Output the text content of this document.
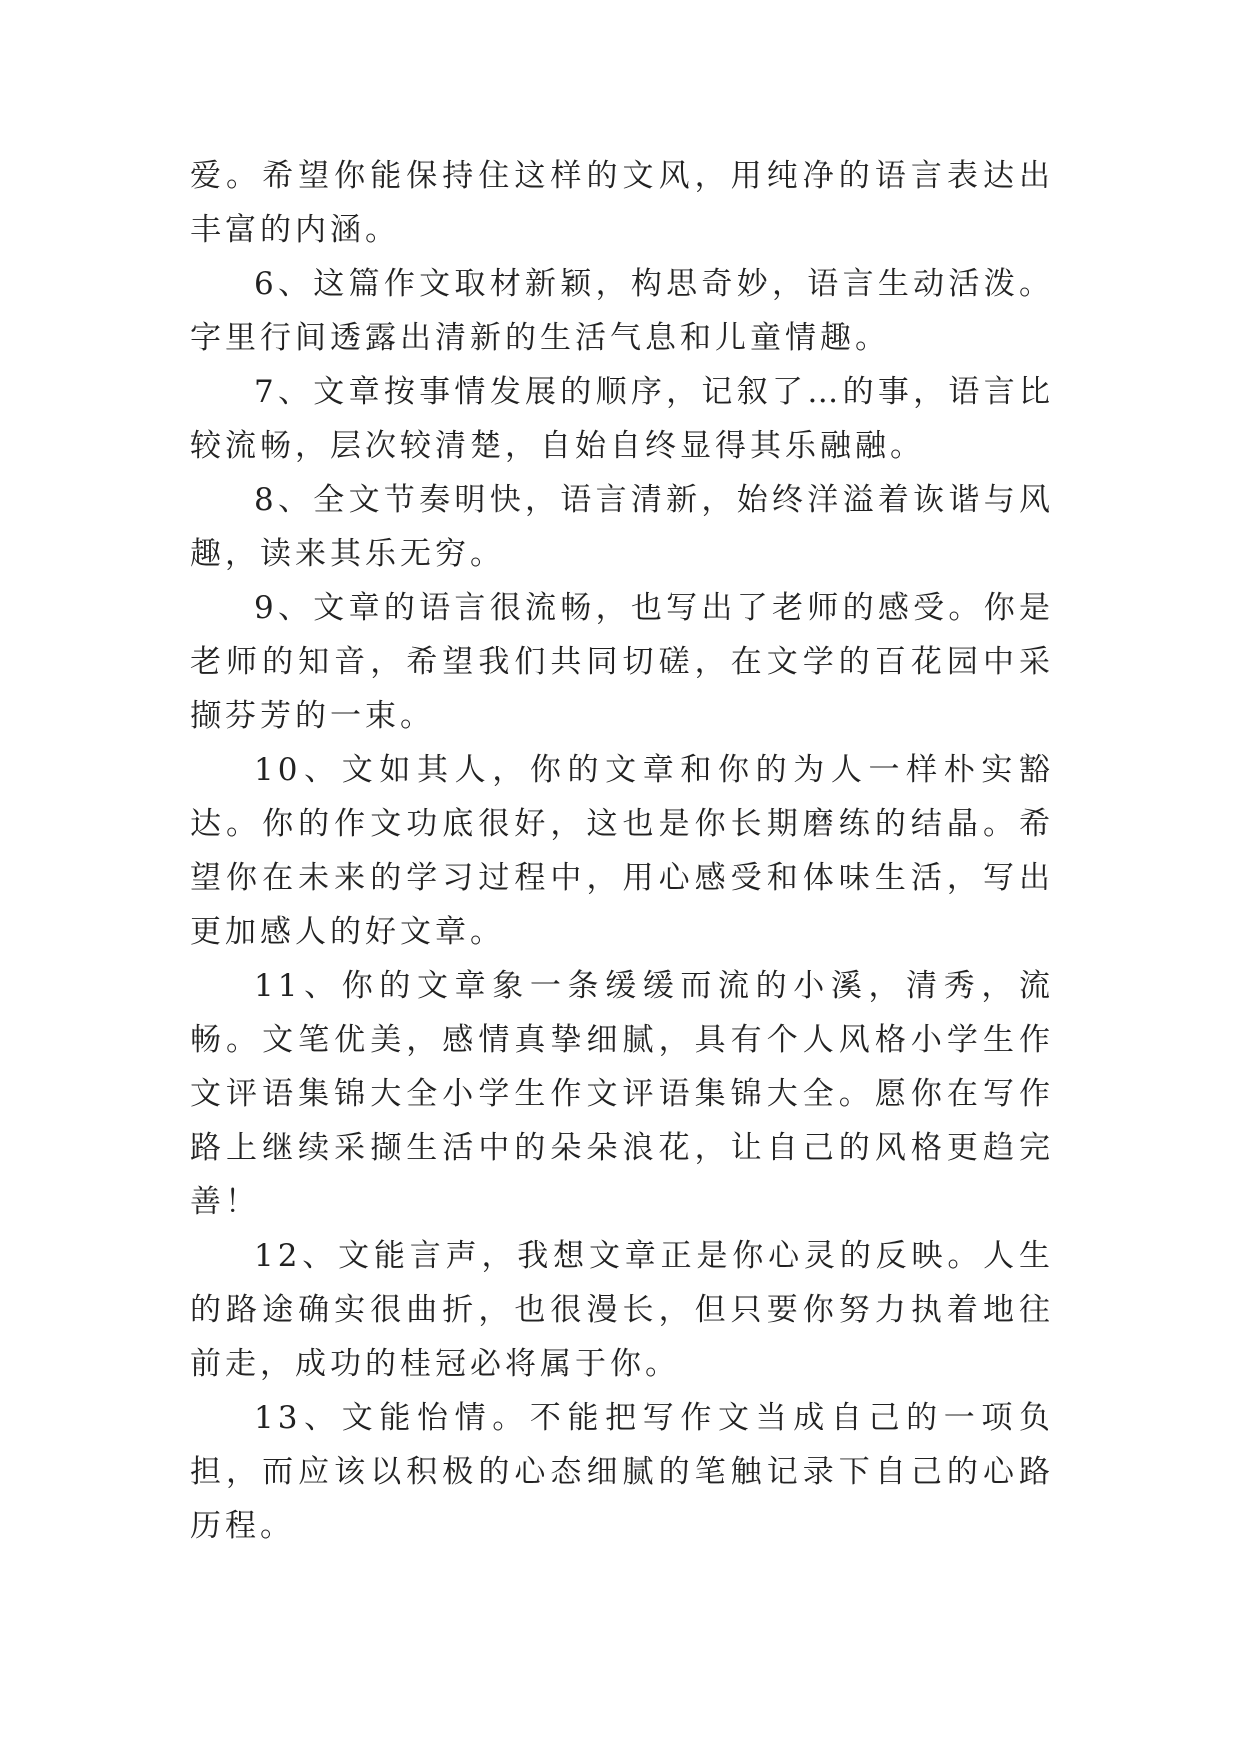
爱。希望你能保持住这样的文风，用纯净的语言表达出丰富的内涵。

6、这篇作文取材新颖，构思奇妙，语言生动活泼。字里行间透露出清新的生活气息和儿童情趣。

7、文章按事情发展的顺序，记叙了…的事，语言比较流畅，层次较清楚，自始自终显得其乐融融。

8、全文节奏明快，语言清新，始终洋溢着诙谐与风趣，读来其乐无穷。

9、文章的语言很流畅，也写出了老师的感受。你是老师的知音，希望我们共同切磋，在文学的百花园中采撷芬芳的一束。

10、文如其人，你的文章和你的为人一样朴实豁达。你的作文功底很好，这也是你长期磨练的结晶。希望你在未来的学习过程中，用心感受和体味生活，写出更加感人的好文章。

11、你的文章象一条缓缓而流的小溪，清秀，流畅。文笔优美，感情真挚细腻，具有个人风格小学生作文评语集锦大全小学生作文评语集锦大全。愿你在写作路上继续采撷生活中的朵朵浪花，让自己的风格更趋完善！

12、文能言声，我想文章正是你心灵的反映。人生的路途确实很曲折，也很漫长，但只要你努力执着地往前走，成功的桂冠必将属于你。

13、文能怡情。不能把写作文当成自己的一项负担，而应该以积极的心态细腻的笔触记录下自己的心路历程。
